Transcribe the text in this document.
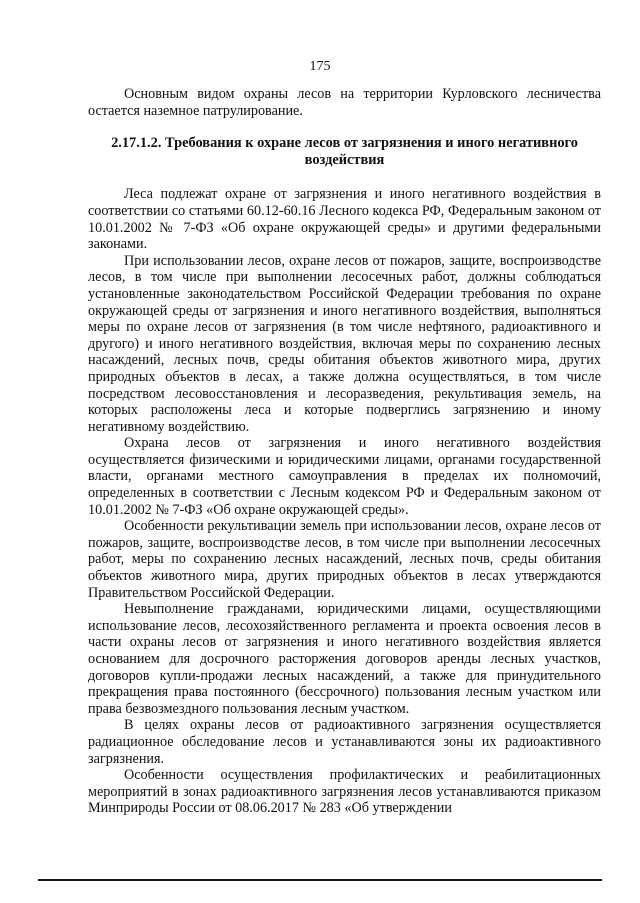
175

Основным видом охраны лесов на территории Курловского лесничества остается наземное патрулирование.

2.17.1.2. Требования к охране лесов от загрязнения и иного негативного воздействия

Леса подлежат охране от загрязнения и иного негативного воздействия в соответствии со статьями 60.12-60.16 Лесного кодекса РФ, Федеральным законом от 10.01.2002 № 7-ФЗ «Об охране окружающей среды» и другими федеральными законами.

При использовании лесов, охране лесов от пожаров, защите, воспроизводстве лесов, в том числе при выполнении лесосечных работ, должны соблюдаться установленные законодательством Российской Федерации требования по охране окружающей среды от загрязнения и иного негативного воздействия, выполняться меры по охране лесов от загрязнения (в том числе нефтяного, радиоактивного и другого) и иного негативного воздействия, включая меры по сохранению лесных насаждений, лесных почв, среды обитания объектов животного мира, других природных объектов в лесах, а также должна осуществляться, в том числе посредством лесовосстановления и лесоразведения, рекультивация земель, на которых расположены леса и которые подверглись загрязнению и иному негативному воздействию.

Охрана лесов от загрязнения и иного негативного воздействия осуществляется физическими и юридическими лицами, органами государственной власти, органами местного самоуправления в пределах их полномочий, определенных в соответствии с Лесным кодексом РФ и Федеральным законом от 10.01.2002 № 7-ФЗ «Об охране окружающей среды».

Особенности рекультивации земель при использовании лесов, охране лесов от пожаров, защите, воспроизводстве лесов, в том числе при выполнении лесосечных работ, меры по сохранению лесных насаждений, лесных почв, среды обитания объектов животного мира, других природных объектов в лесах утверждаются Правительством Российской Федерации.

Невыполнение гражданами, юридическими лицами, осуществляющими использование лесов, лесохозяйственного регламента и проекта освоения лесов в части охраны лесов от загрязнения и иного негативного воздействия является основанием для досрочного расторжения договоров аренды лесных участков, договоров купли-продажи лесных насаждений, а также для принудительного прекращения права постоянного (бессрочного) пользования лесным участком или права безвозмездного пользования лесным участком.

В целях охраны лесов от радиоактивного загрязнения осуществляется радиационное обследование лесов и устанавливаются зоны их радиоактивного загрязнения.

Особенности осуществления профилактических и реабилитационных мероприятий в зонах радиоактивного загрязнения лесов устанавливаются приказом Минприроды России от 08.06.2017 № 283 «Об утверждении
